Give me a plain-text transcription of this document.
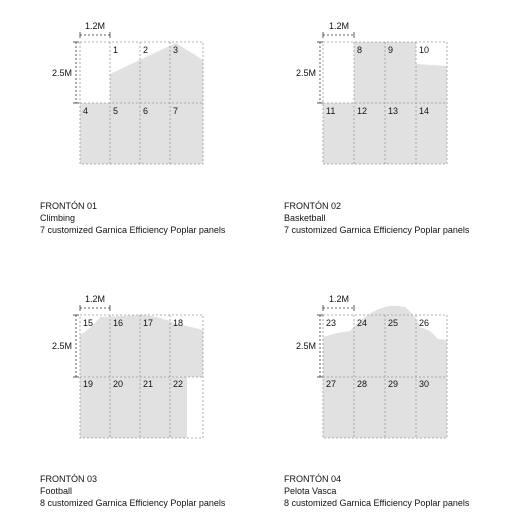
1.2M
2.5M
1	2	3
4	5	6	7
1.2M
2.5M
8	9	10
11 12 13 14
1.2M
2.5M
15 16 17 18
19 20 21 22
1.2M
2.5M
23 24 25 26
27 28 29 30
FRONTÓN 01
Climbing
7 customized Garnica Efficiency Poplar panels
FRONTÓN 02
Basketball
7 customized Garnica Efficiency Poplar panels
FRONTÓN 03
Football
8 customized Garnica Efficiency Poplar panels
FRONTÓN 04
Pelota Vasca
8 customized Garnica Efficiency Poplar panels
